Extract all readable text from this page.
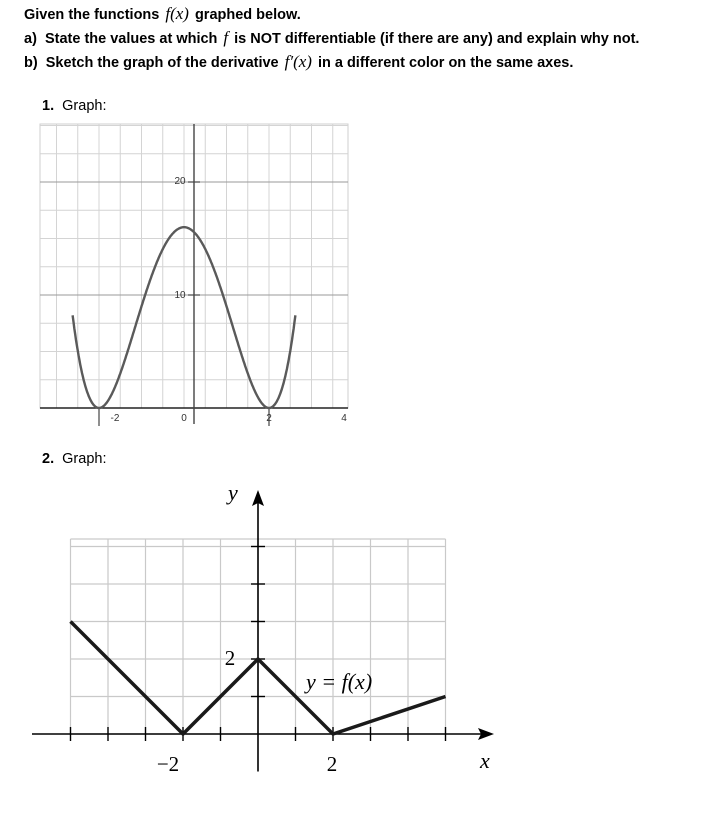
Given the functions f(x) graphed below.
a) State the values at which f is NOT differentiable (if there are any) and explain why not.
b) Sketch the graph of the derivative f′(x) in a different color on the same axes.
1. Graph:
2. Graph:
20
10
-2	0	2	4
y
x
−2	2
2
y = f(x)
